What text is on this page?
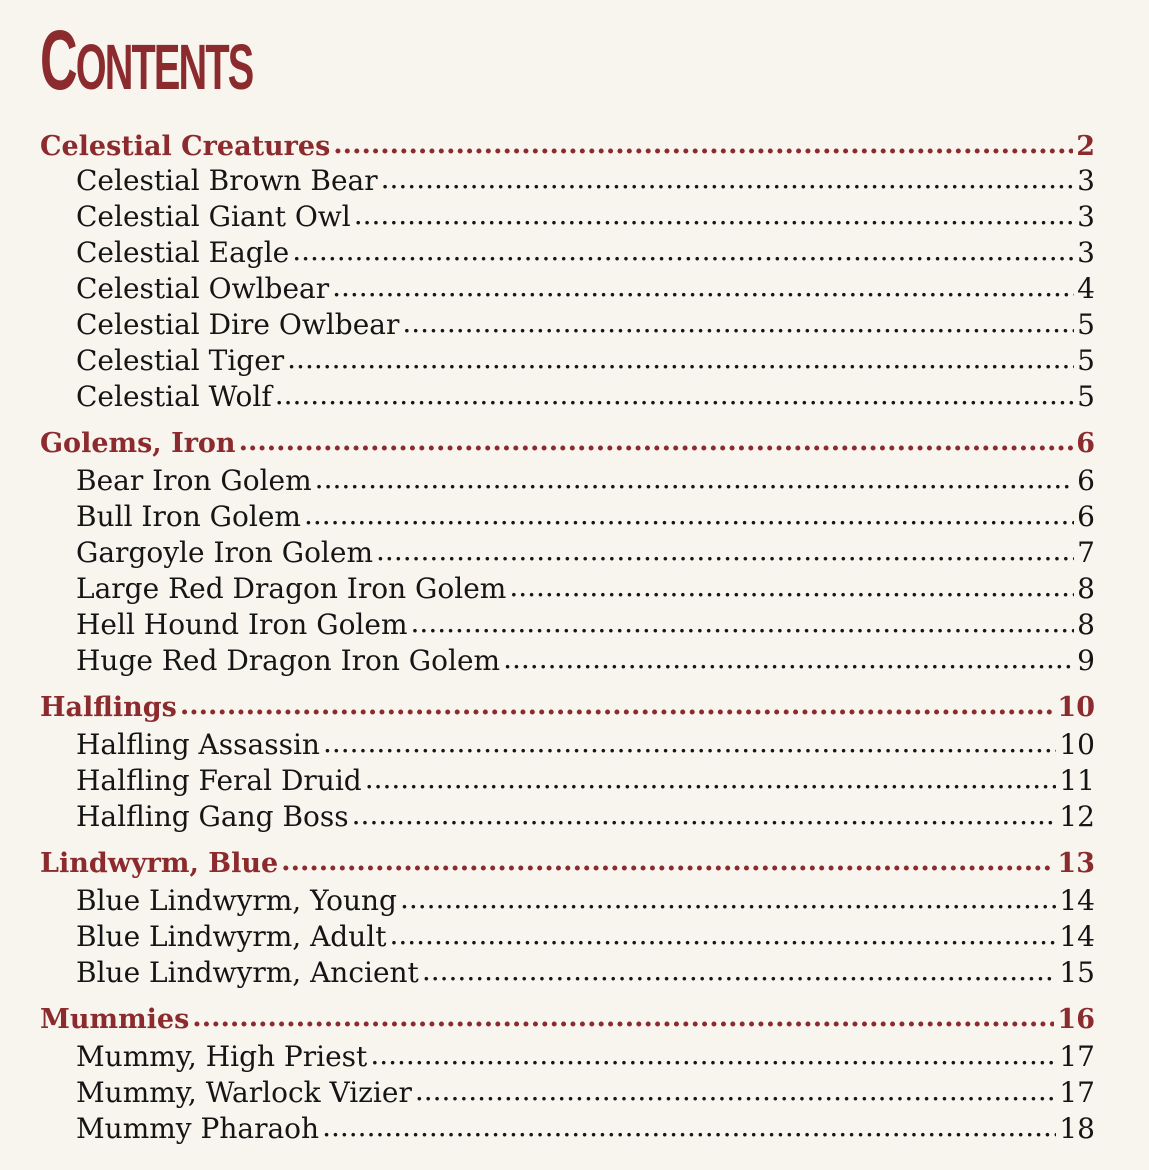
CONTENTS
Celestial Creatures .....	2
Celestial Brown Bear .....	3
Celestial Giant Owl .....	3
Celestial Eagle .....	3
Celestial Owlbear .....	4
Celestial Dire Owlbear .....	5
Celestial Tiger .....	5
Celestial Wolf .....	5
Golems, Iron .....	6
Bear Iron Golem .....	6
Bull Iron Golem .....	6
Gargoyle Iron Golem .....	7
Large Red Dragon Iron Golem .....	8
Hell Hound Iron Golem .....	8
Huge Red Dragon Iron Golem .....	9
Halflings .....	10
Halfling Assassin .....	10
Halfling Feral Druid .....	11
Halfling Gang Boss .....	12
Lindwyrm, Blue .....	13
Blue Lindwyrm, Young .....	14
Blue Lindwyrm, Adult .....	14
Blue Lindwyrm, Ancient .....	15
Mummies .....	16
Mummy, High Priest .....	17
Mummy, Warlock Vizier .....	17
Mummy Pharaoh .....	18
